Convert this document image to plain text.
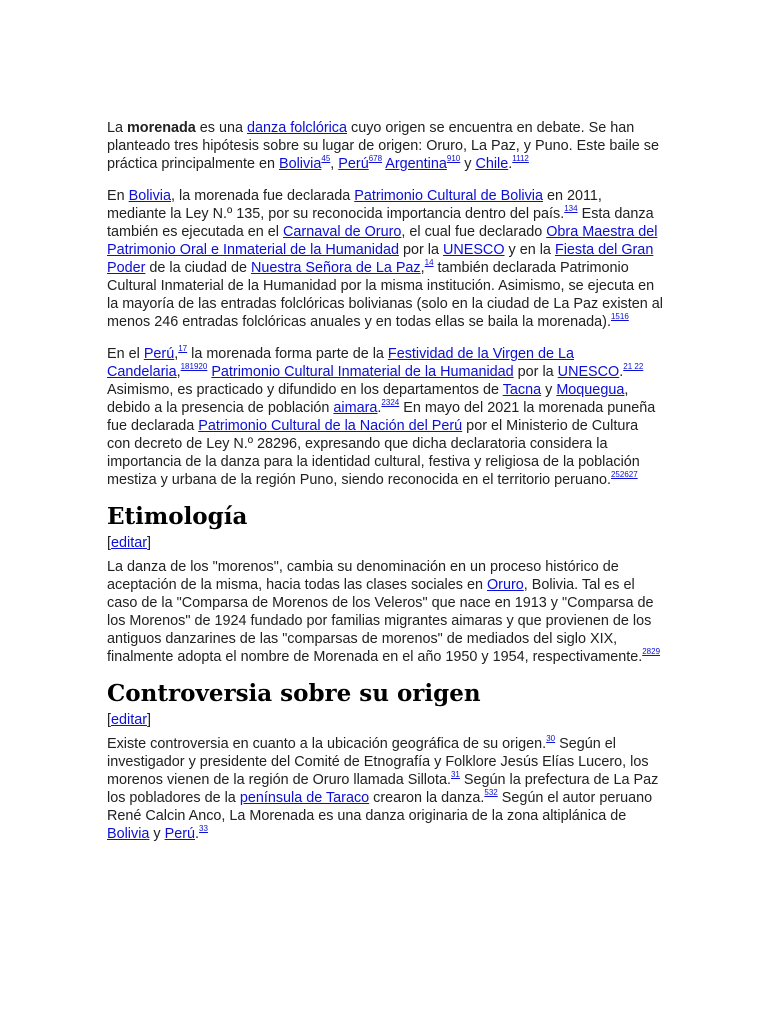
La morenada es una danza folclórica cuyo origen se encuentra en debate. Se han planteado tres hipótesis sobre su lugar de origen: Oruro, La Paz, y Puno. Este baile se práctica principalmente en Bolivia$^{45}$, Perú$^{678}$ Argentina$^{910}$ y Chile.$^{1112}$

En Bolivia, la morenada fue declarada Patrimonio Cultural de Bolivia en 2011, mediante la Ley N.º 135, por su reconocida importancia dentro del país.$^{134}$ Esta danza también es ejecutada en el Carnaval de Oruro, el cual fue declarado Obra Maestra del Patrimonio Oral e Inmaterial de la Humanidad por la UNESCO y en la Fiesta del Gran Poder de la ciudad de Nuestra Señora de La Paz,$^{14}$ también declarada Patrimonio Cultural Inmaterial de la Humanidad por la misma institución. Asimismo, se ejecuta en la mayoría de las entradas folclóricas bolivianas (solo en la ciudad de La Paz existen al menos 246 entradas folclóricas anuales y en todas ellas se baila la morenada).$^{1516}$

En el Perú,$^{17}$ la morenada forma parte de la Festividad de la Virgen de La Candelaria,$^{181920}$ Patrimonio Cultural Inmaterial de la Humanidad por la UNESCO.$^{21 22}$ Asimismo, es practicado y difundido en los departamentos de Tacna y Moquegua, debido a la presencia de población aimara.$^{2324}$ En mayo del 2021 la morenada puneña fue declarada Patrimonio Cultural de la Nación del Perú por el Ministerio de Cultura con decreto de Ley N.º 28296, expresando que dicha declaratoria considera la importancia de la danza para la identidad cultural, festiva y religiosa de la población mestiza y urbana de la región Puno, siendo reconocida en el territorio peruano.$^{252627}$

Etimología
[editar]

La danza de los "morenos", cambia su denominación en un proceso histórico de aceptación de la misma, hacia todas las clases sociales en Oruro, Bolivia. Tal es el caso de la "Comparsa de Morenos de los Veleros" que nace en 1913 y "Comparsa de los Morenos" de 1924 fundado por familias migrantes aimaras y que provienen de los antiguos danzarines de las "comparsas de morenos" de mediados del siglo XIX, finalmente adopta el nombre de Morenada en el año 1950 y 1954, respectivamente.$^{2829}$

Controversia sobre su origen
[editar]

Existe controversia en cuanto a la ubicación geográfica de su origen.$^{30}$ Según el investigador y presidente del Comité de Etnografía y Folklore Jesús Elías Lucero, los morenos vienen de la región de Oruro llamada Sillota.$^{31}$ Según la prefectura de La Paz los pobladores de la península de Taraco crearon la danza.$^{532}$ Según el autor peruano René Calcin Anco, La Morenada es una danza originaria de la zona altiplánica de Bolivia y Perú.$^{33}$
